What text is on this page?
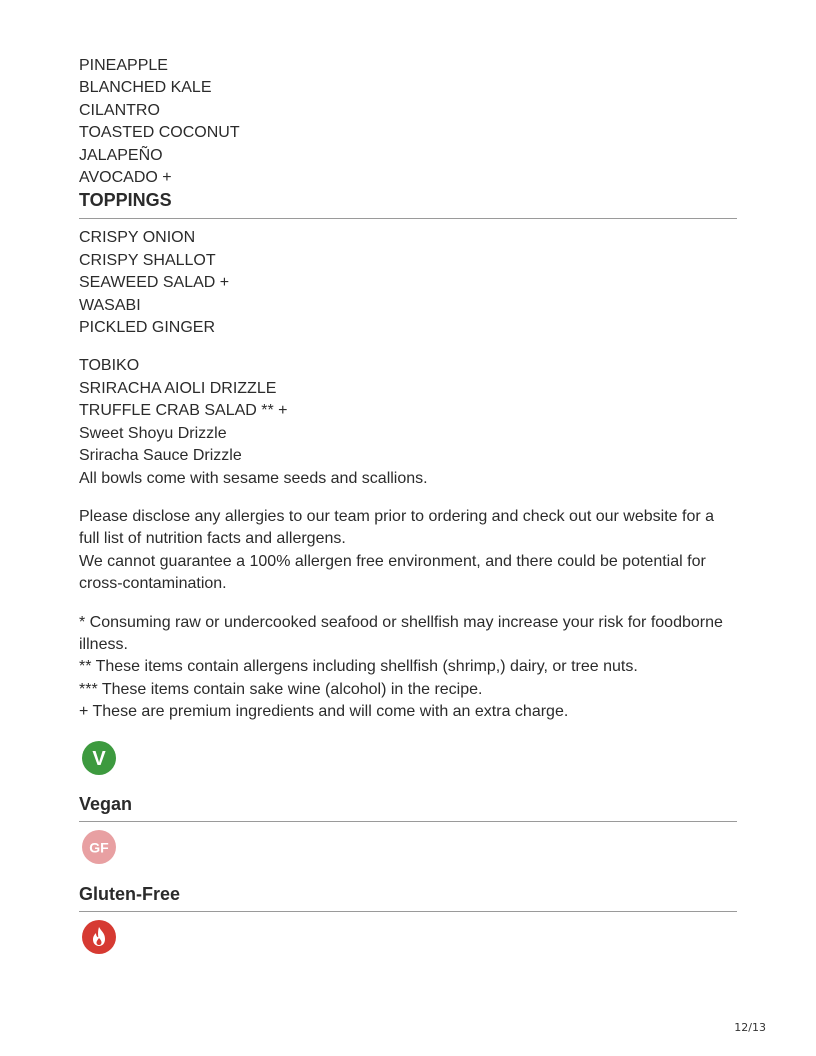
PINEAPPLE

BLANCHED KALE

CILANTRO

TOASTED COCONUT

JALAPEÑO

AVOCADO +

TOPPINGS

CRISPY ONION

CRISPY SHALLOT

SEAWEED SALAD +

WASABI

PICKLED GINGER

TOBIKO

SRIRACHA AIOLI DRIZZLE

TRUFFLE CRAB SALAD ** +

Sweet Shoyu Drizzle

Sriracha Sauce Drizzle

All bowls come with sesame seeds and scallions.

Please disclose any allergies to our team prior to ordering and check out our website for a full list of nutrition facts and allergens.

We cannot guarantee a 100% allergen free environment, and there could be potential for cross-contamination.

* Consuming raw or undercooked seafood or shellfish may increase your risk for foodborne illness.

** These items contain allergens including shellfish (shrimp,) dairy, or tree nuts.

*** These items contain sake wine (alcohol) in the recipe.

+ These are premium ingredients and will come with an extra charge.

V

Vegan

GF

Gluten-Free

12/13
